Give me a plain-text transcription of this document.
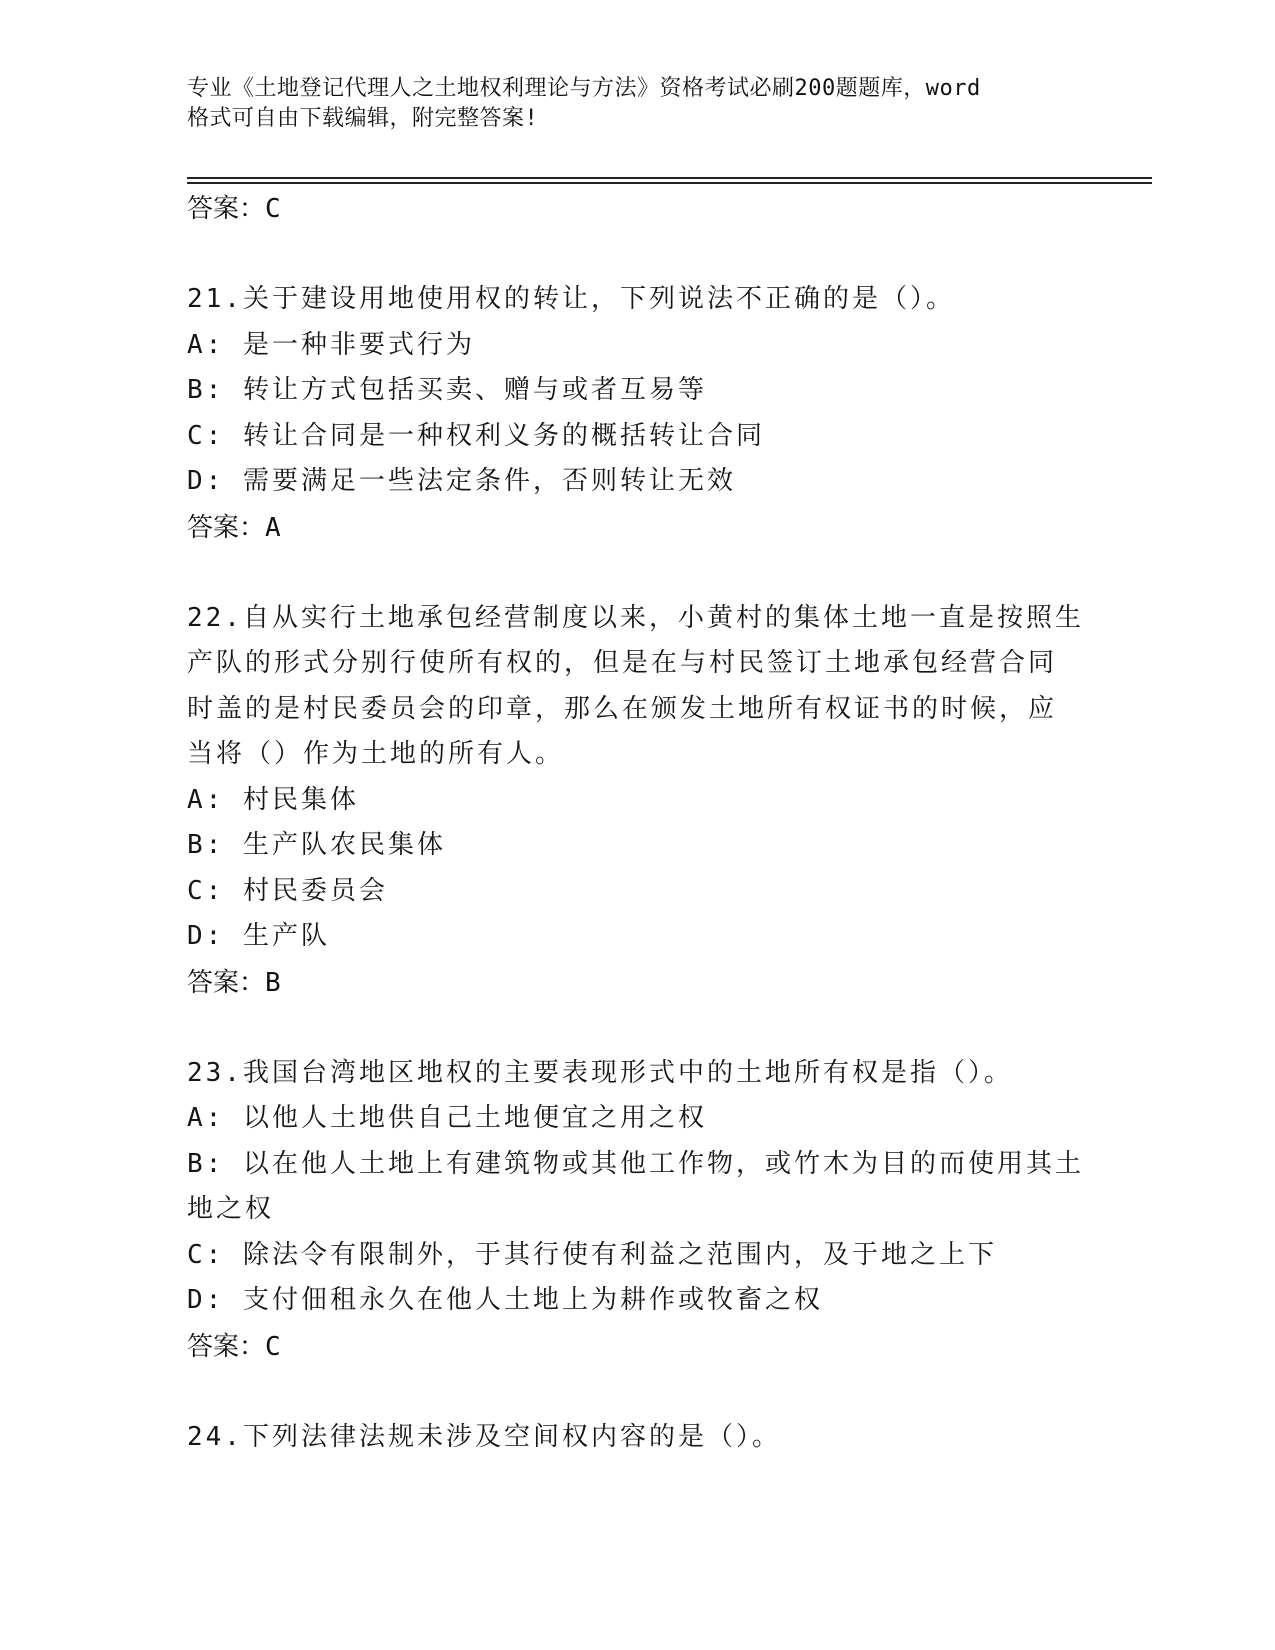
专业《土地登记代理人之土地权利理论与方法》资格考试必刷200题题库，word
格式可自由下载编辑，附完整答案!
答案：C
21.关于建设用地使用权的转让，下列说法不正确的是（）。
A: 是一种非要式行为
B: 转让方式包括买卖、赠与或者互易等
C: 转让合同是一种权利义务的概括转让合同
D: 需要满足一些法定条件，否则转让无效
答案：A
22.自从实行土地承包经营制度以来，小黄村的集体土地一直是按照生
产队的形式分别行使所有权的，但是在与村民签订土地承包经营合同
时盖的是村民委员会的印章，那么在颁发土地所有权证书的时候，应
当将（）作为土地的所有人。
A: 村民集体
B: 生产队农民集体
C: 村民委员会
D: 生产队
答案：B
23.我国台湾地区地权的主要表现形式中的土地所有权是指（）。
A: 以他人土地供自己土地便宜之用之权
B: 以在他人土地上有建筑物或其他工作物，或竹木为目的而使用其土
地之权
C: 除法令有限制外，于其行使有利益之范围内，及于地之上下
D: 支付佃租永久在他人土地上为耕作或牧畜之权
答案：C
24.下列法律法规未涉及空间权内容的是（）。
